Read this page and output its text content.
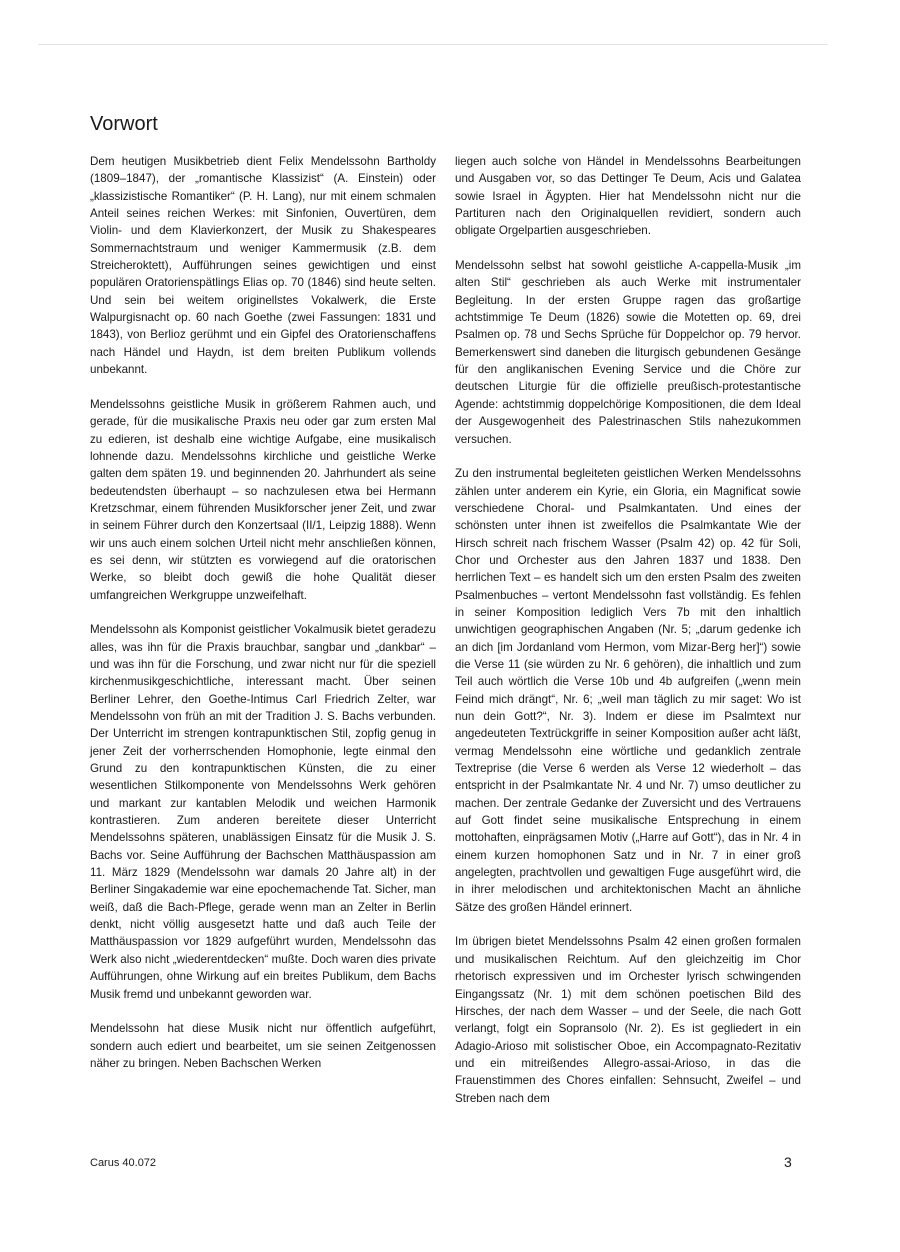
Vorwort

Dem heutigen Musikbetrieb dient Felix Mendelssohn Bartholdy (1809–1847), der „romantische Klassizist“ (A. Einstein) oder „klassizistische Romantiker“ (P. H. Lang), nur mit einem schmalen Anteil seines reichen Werkes: mit Sinfonien, Ouvertüren, dem Violin- und dem Klavierkonzert, der Musik zu Shakespeares Sommernachtstraum und weniger Kammermusik (z.B. dem Streicheroktett), Aufführungen seines gewichtigen und einst populären Oratorienspätlings Elias op. 70 (1846) sind heute selten. Und sein bei weitem originellstes Vokalwerk, die Erste Walpurgisnacht op. 60 nach Goethe (zwei Fassungen: 1831 und 1843), von Berlioz gerühmt und ein Gipfel des Oratorienschaffens nach Händel und Haydn, ist dem breiten Publikum vollends unbekannt.

Mendelssohns geistliche Musik in größerem Rahmen auch, und gerade, für die musikalische Praxis neu oder gar zum ersten Mal zu edieren, ist deshalb eine wichtige Aufgabe, eine musikalisch lohnende dazu. Mendelssohns kirchliche und geistliche Werke galten dem späten 19. und beginnenden 20. Jahrhundert als seine bedeutendsten überhaupt – so nachzulesen etwa bei Hermann Kretzschmar, einem führenden Musikforscher jener Zeit, und zwar in seinem Führer durch den Konzertsaal (II/1, Leipzig 1888). Wenn wir uns auch einem solchen Urteil nicht mehr anschließen können, es sei denn, wir stützten es vorwiegend auf die oratorischen Werke, so bleibt doch gewiß die hohe Qualität dieser umfangreichen Werkgruppe unzweifelhaft.

Mendelssohn als Komponist geistlicher Vokalmusik bietet geradezu alles, was ihn für die Praxis brauchbar, sangbar und „dankbar“ – und was ihn für die Forschung, und zwar nicht nur für die speziell kirchenmusikgeschichtliche, interessant macht. Über seinen Berliner Lehrer, den Goethe-Intimus Carl Friedrich Zelter, war Mendelssohn von früh an mit der Tradition J. S. Bachs verbunden. Der Unterricht im strengen kontrapunktischen Stil, zopfig genug in jener Zeit der vorherrschenden Homophonie, legte einmal den Grund zu den kontrapunktischen Künsten, die zu einer wesentlichen Stilkomponente von Mendelssohns Werk gehören und markant zur kantablen Melodik und weichen Harmonik kontrastieren. Zum anderen bereitete dieser Unterricht Mendelssohns späteren, unablässigen Einsatz für die Musik J. S. Bachs vor. Seine Aufführung der Bachschen Matthäuspassion am 11. März 1829 (Mendelssohn war damals 20 Jahre alt) in der Berliner Singakademie war eine epochemachende Tat. Sicher, man weiß, daß die Bach-Pflege, gerade wenn man an Zelter in Berlin denkt, nicht völlig ausgesetzt hatte und daß auch Teile der Matthäuspassion vor 1829 aufgeführt wurden, Mendelssohn das Werk also nicht „wiederentdecken“ mußte. Doch waren dies private Aufführungen, ohne Wirkung auf ein breites Publikum, dem Bachs Musik fremd und unbekannt geworden war.

Mendelssohn hat diese Musik nicht nur öffentlich aufgeführt, sondern auch ediert und bearbeitet, um sie seinen Zeitgenossen näher zu bringen. Neben Bachschen Werken

liegen auch solche von Händel in Mendelssohns Bearbeitungen und Ausgaben vor, so das Dettinger Te Deum, Acis und Galatea sowie Israel in Ägypten. Hier hat Mendelssohn nicht nur die Partituren nach den Originalquellen revidiert, sondern auch obligate Orgelpartien ausgeschrieben.

Mendelssohn selbst hat sowohl geistliche A-cappella-Musik „im alten Stil“ geschrieben als auch Werke mit instrumentaler Begleitung. In der ersten Gruppe ragen das großartige achtstimmige Te Deum (1826) sowie die Motetten op. 69, drei Psalmen op. 78 und Sechs Sprüche für Doppelchor op. 79 hervor. Bemerkenswert sind daneben die liturgisch gebundenen Gesänge für den anglikanischen Evening Service und die Chöre zur deutschen Liturgie für die offizielle preußisch-protestantische Agende: achtstimmig doppelchörige Kompositionen, die dem Ideal der Ausgewogenheit des Palestrinaschen Stils nahezukommen versuchen.

Zu den instrumental begleiteten geistlichen Werken Mendelssohns zählen unter anderem ein Kyrie, ein Gloria, ein Magnificat sowie verschiedene Choral- und Psalmkantaten. Und eines der schönsten unter ihnen ist zweifellos die Psalmkantate Wie der Hirsch schreit nach frischem Wasser (Psalm 42) op. 42 für Soli, Chor und Orchester aus den Jahren 1837 und 1838. Den herrlichen Text – es handelt sich um den ersten Psalm des zweiten Psalmenbuches – vertont Mendelssohn fast vollständig. Es fehlen in seiner Komposition lediglich Vers 7b mit den inhaltlich unwichtigen geographischen Angaben (Nr. 5; „darum gedenke ich an dich [im Jordanland vom Hermon, vom Mizar-Berg her]“) sowie die Verse 11 (sie würden zu Nr. 6 gehören), die inhaltlich und zum Teil auch wörtlich die Verse 10b und 4b aufgreifen („wenn mein Feind mich drängt“, Nr. 6; „weil man täglich zu mir saget: Wo ist nun dein Gott?“, Nr. 3). Indem er diese im Psalmtext nur angedeuteten Textrückgriffe in seiner Komposition außer acht läßt, vermag Mendelssohn eine wörtliche und gedanklich zentrale Textreprise (die Verse 6 werden als Verse 12 wiederholt – das entspricht in der Psalmkantate Nr. 4 und Nr. 7) umso deutlicher zu machen. Der zentrale Gedanke der Zuversicht und des Vertrauens auf Gott findet seine musikalische Entsprechung in einem mottohaften, einprägsamen Motiv („Harre auf Gott“), das in Nr. 4 in einem kurzen homophonen Satz und in Nr. 7 in einer groß angelegten, prachtvollen und gewaltigen Fuge ausgeführt wird, die in ihrer melodischen und architektonischen Macht an ähnliche Sätze des großen Händel erinnert.

Im übrigen bietet Mendelssohns Psalm 42 einen großen formalen und musikalischen Reichtum. Auf den gleichzeitig im Chor rhetorisch expressiven und im Orchester lyrisch schwingenden Eingangssatz (Nr. 1) mit dem schönen poetischen Bild des Hirsches, der nach dem Wasser – und der Seele, die nach Gott verlangt, folgt ein Sopransolo (Nr. 2). Es ist gegliedert in ein Adagio-Arioso mit solistischer Oboe, ein Accompagnato-Rezitativ und ein mitreißendes Allegro-assai-Arioso, in das die Frauenstimmen des Chores einfallen: Sehnsucht, Zweifel – und Streben nach dem

Carus 40.072	3
